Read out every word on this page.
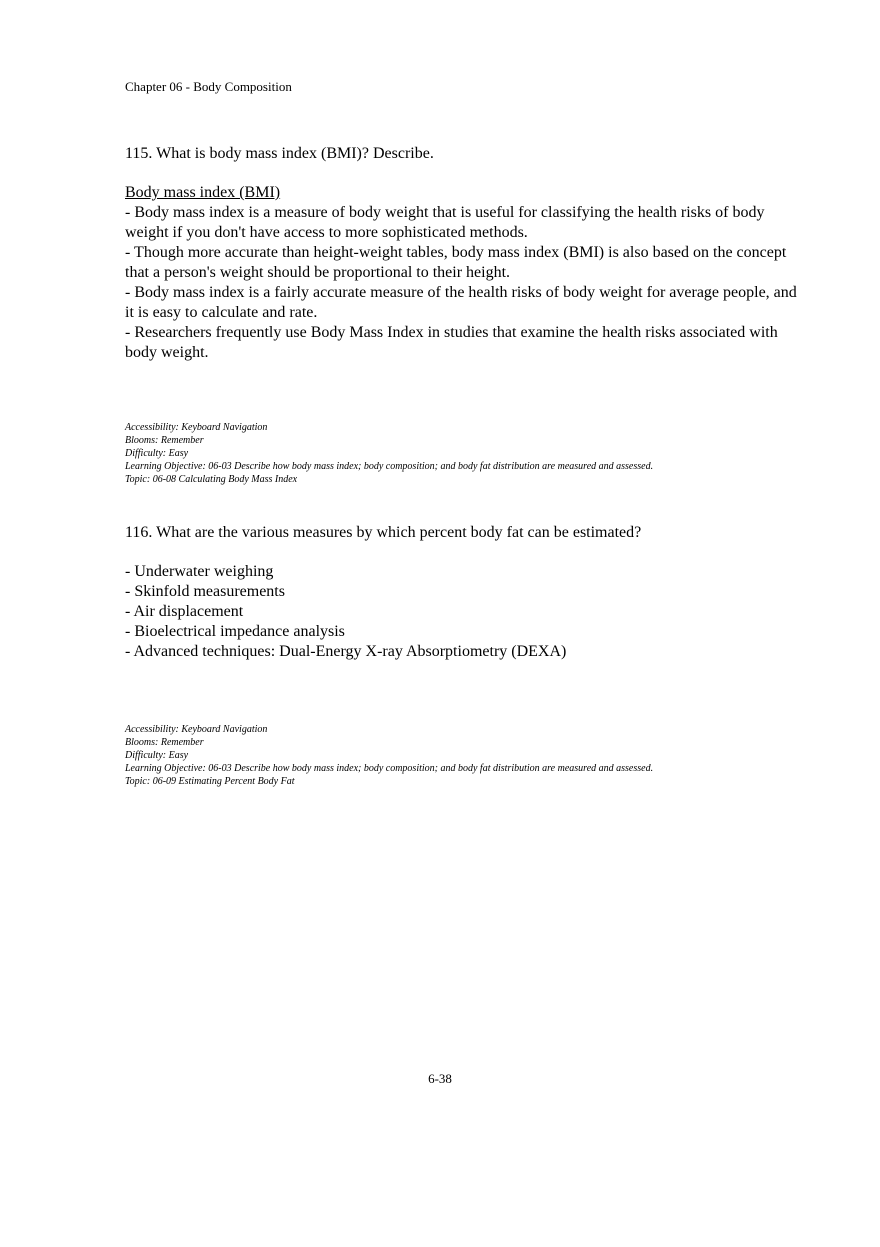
Chapter 06 - Body Composition

115. What is body mass index (BMI)? Describe.

Body mass index (BMI)
- Body mass index is a measure of body weight that is useful for classifying the health risks of body weight if you don't have access to more sophisticated methods.
- Though more accurate than height-weight tables, body mass index (BMI) is also based on the concept that a person's weight should be proportional to their height.
- Body mass index is a fairly accurate measure of the health risks of body weight for average people, and it is easy to calculate and rate.
- Researchers frequently use Body Mass Index in studies that examine the health risks associated with body weight.
Accessibility: Keyboard Navigation
Blooms: Remember
Difficulty: Easy
Learning Objective: 06-03 Describe how body mass index; body composition; and body fat distribution are measured and assessed.
Topic: 06-08 Calculating Body Mass Index

116. What are the various measures by which percent body fat can be estimated?

- Underwater weighing
- Skinfold measurements
- Air displacement
- Bioelectrical impedance analysis
- Advanced techniques: Dual-Energy X-ray Absorptiometry (DEXA)
Accessibility: Keyboard Navigation
Blooms: Remember
Difficulty: Easy
Learning Objective: 06-03 Describe how body mass index; body composition; and body fat distribution are measured and assessed.
Topic: 06-09 Estimating Percent Body Fat
6-38
